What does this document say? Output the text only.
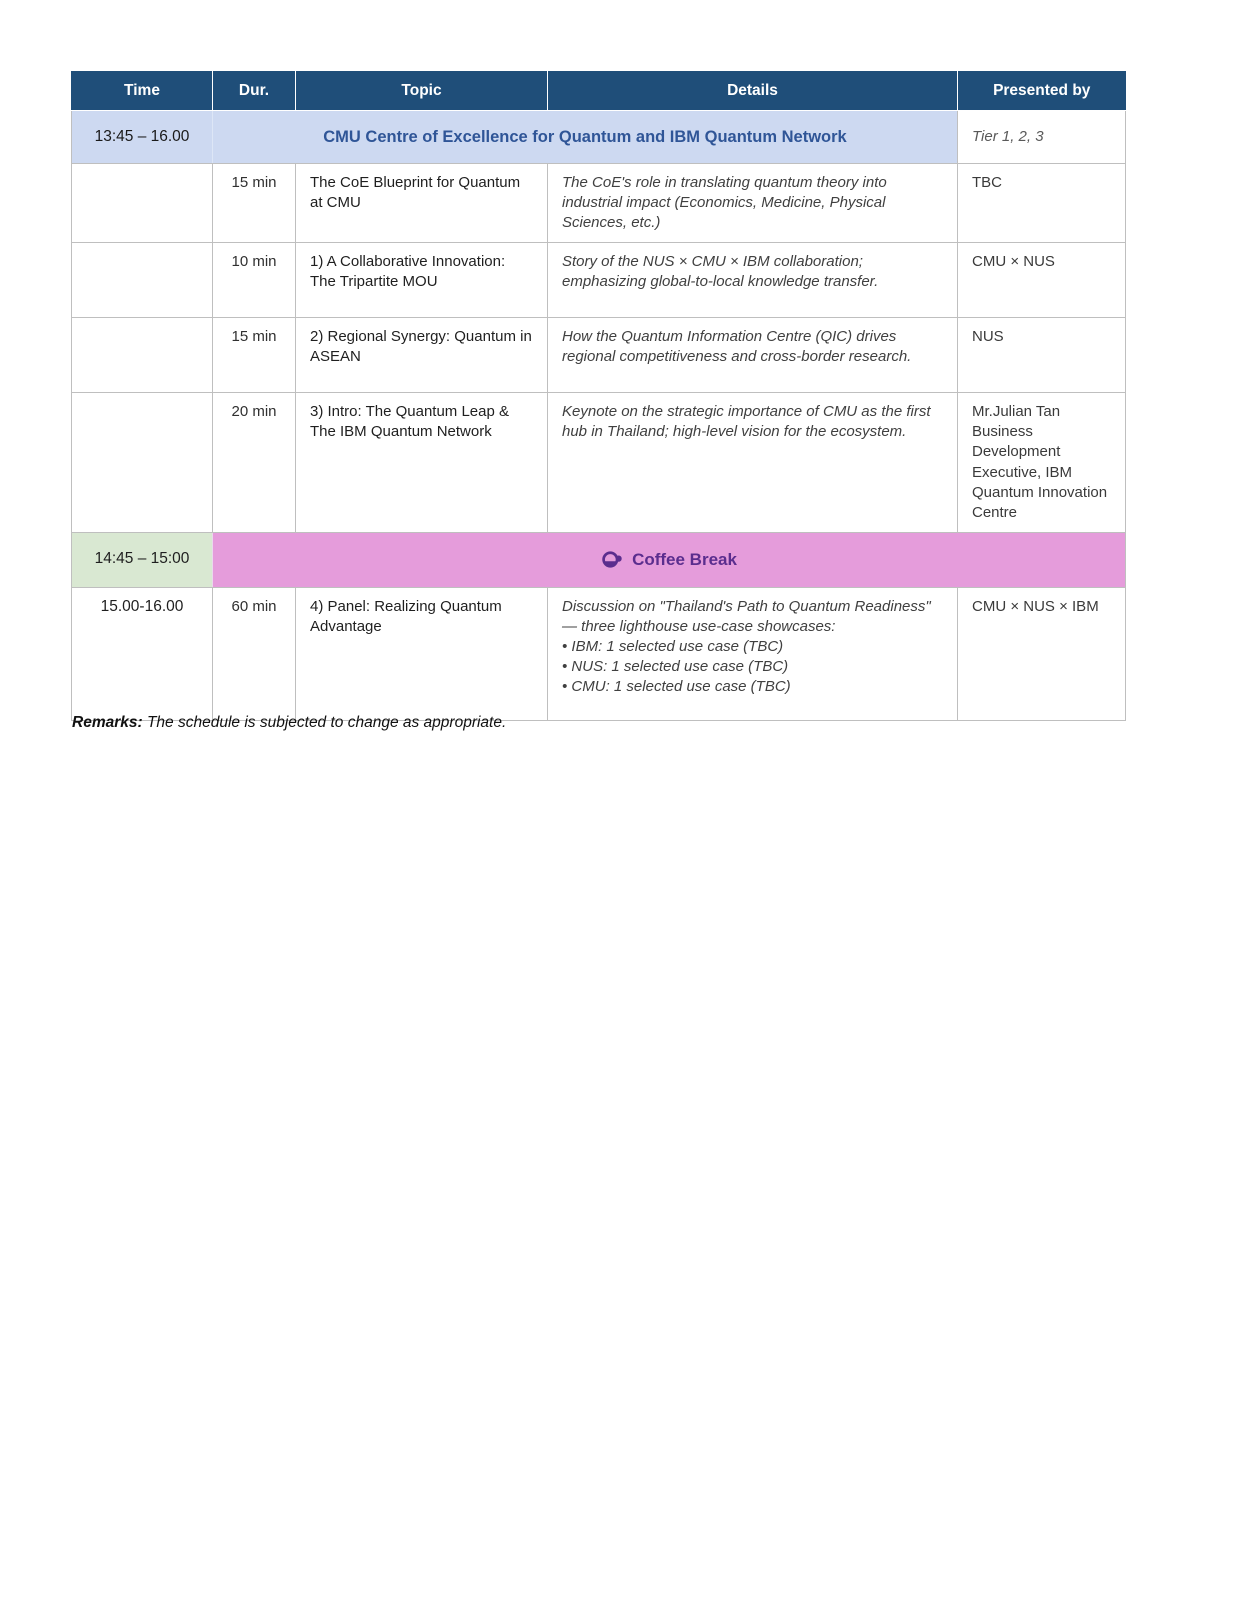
Time	Dur.	Topic	Details	Presented by
13:45 – 16.00	CMU Centre of Excellence for Quantum and IBM Quantum Network			Tier 1, 2, 3
	15 min	The CoE Blueprint for Quantum at CMU	The CoE's role in translating quantum theory into industrial impact (Economics, Medicine, Physical Sciences, etc.)	TBC
	10 min	1) A Collaborative Innovation: The Tripartite MOU	Story of the NUS × CMU × IBM collaboration; emphasizing global-to-local knowledge transfer.	CMU × NUS
	15 min	2) Regional Synergy: Quantum in ASEAN	How the Quantum Information Centre (QIC) drives regional competitiveness and cross-border research.	NUS
	20 min	3) Intro: The Quantum Leap & The IBM Quantum Network	Keynote on the strategic importance of CMU as the first hub in Thailand; high-level vision for the ecosystem.	Mr.Julian Tan Business Development Executive, IBM Quantum Innovation Centre
14:45 – 15:00	Coffee Break			

15.00-16.00	60 min	4) Panel: Realizing Quantum Advantage	Discussion on "Thailand's Path to Quantum Readiness" — three lighthouse use-case showcases:

• IBM: 1 selected use case (TBC)

• NUS: 1 selected use case (TBC)

• CMU: 1 selected use case (TBC)	CMU × NUS × IBM

Remarks: The schedule is subjected to change as appropriate.
